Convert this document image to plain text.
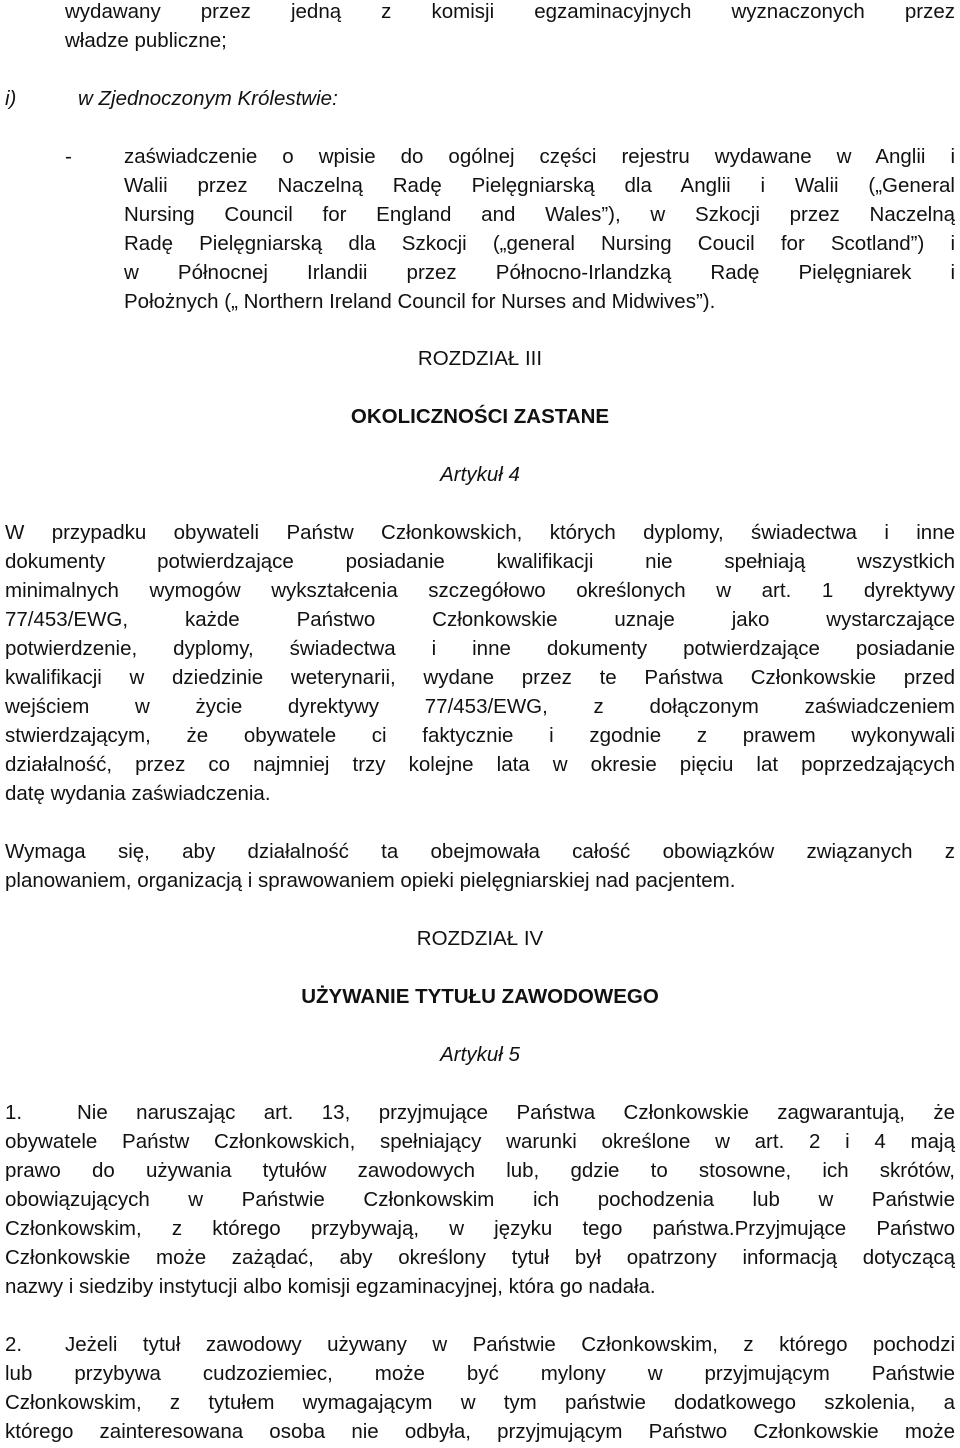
wydawany przez jedną z komisji egzaminacyjnych wyznaczonych przez
władze publiczne;
i)	w Zjednoczonym Królestwie:
-	zaświadczenie o wpisie do ogólnej części rejestru wydawane w Anglii i
Walii przez Naczelną Radę Pielęgniarską dla Anglii i Walii („General
Nursing Council for England and Wales”), w Szkocji przez Naczelną
Radę Pielęgniarską dla Szkocji („general Nursing Coucil for Scotland”) i
w Północnej Irlandii przez Północno-Irlandzką Radę Pielęgniarek i
Położnych („ Northern Ireland Council for Nurses and Midwives”).
ROZDZIAŁ III
OKOLICZNOŚCI ZASTANE
Artykuł 4
W przypadku obywateli Państw Członkowskich, których dyplomy, świadectwa i inne
dokumenty potwierdzające posiadanie kwalifikacji nie spełniają wszystkich
minimalnych wymogów wykształcenia szczegółowo określonych w art. 1 dyrektywy
77/453/EWG, każde Państwo Członkowskie uznaje jako wystarczające
potwierdzenie, dyplomy, świadectwa i inne dokumenty potwierdzające posiadanie
kwalifikacji w dziedzinie weterynarii, wydane przez te Państwa Członkowskie przed
wejściem w życie dyrektywy 77/453/EWG, z dołączonym zaświadczeniem
stwierdzającym, że obywatele ci faktycznie i zgodnie z prawem wykonywali
działalność, przez co najmniej trzy kolejne lata w okresie pięciu lat poprzedzających
datę wydania zaświadczenia.
Wymaga się, aby działalność ta obejmowała całość obowiązków związanych z
planowaniem, organizacją i sprawowaniem opieki pielęgniarskiej nad pacjentem.
ROZDZIAŁ IV
UŻYWANIE TYTUŁU ZAWODOWEGO
Artykuł 5
1.	Nie naruszając art. 13, przyjmujące Państwa Członkowskie zagwarantują, że
obywatele Państw Członkowskich, spełniający warunki określone w art. 2 i 4 mają
prawo do używania tytułów zawodowych lub, gdzie to stosowne, ich skrótów,
obowiązujących w Państwie Członkowskim ich pochodzenia lub w Państwie
Członkowskim, z którego przybywają, w języku tego państwa.Przyjmujące Państwo
Członkowskie może zażądać, aby określony tytuł był opatrzony informacją dotyczącą
nazwy i siedziby instytucji albo komisji egzaminacyjnej, która go nadała.
2. Jeżeli tytuł zawodowy używany w Państwie Członkowskim, z którego pochodzi
lub przybywa cudzoziemiec, może być mylony w przyjmującym Państwie
Członkowskim, z tytułem wymagającym w tym państwie dodatkowego szkolenia, a
którego zainteresowana osoba nie odbyła, przyjmującym Państwo Członkowskie może
